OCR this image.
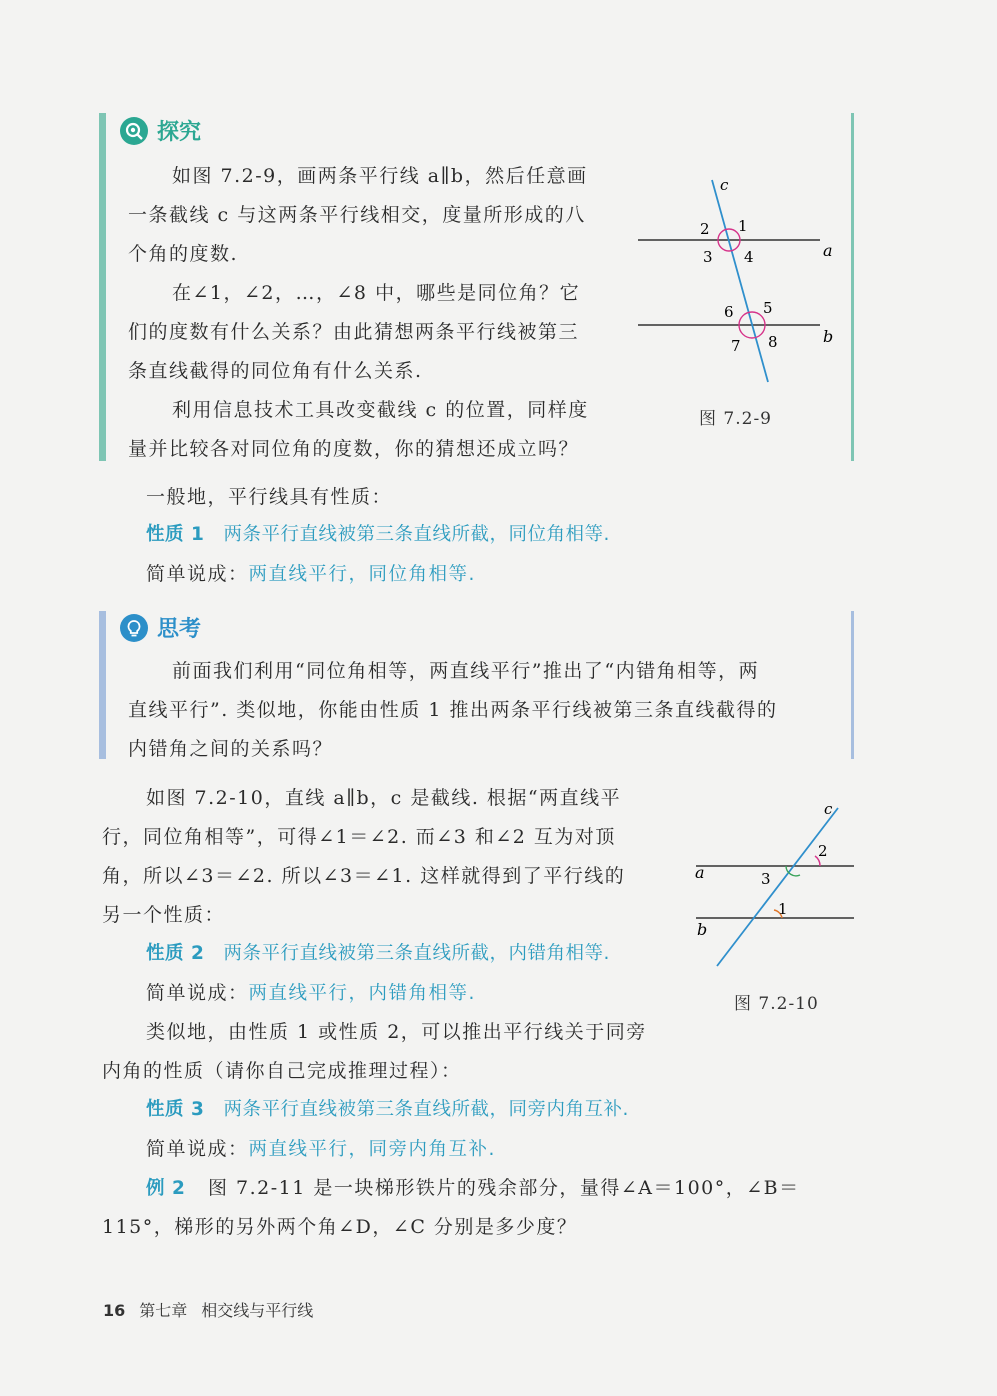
探究
如图 7.2-9，画两条平行线 a∥b，然后任意画
一条截线 c 与这两条平行线相交，度量所形成的八
个角的度数.
在∠1，∠2，…，∠8 中，哪些是同位角？它
们的度数有什么关系？由此猜想两条平行线被第三
条直线截得的同位角有什么关系.
利用信息技术工具改变截线 c 的位置，同样度
量并比较各对同位角的度数，你的猜想还成立吗？
c
a
b
1
2
3 4
5
6
7 8
图 7.2-9
一般地，平行线具有性质：
性质 1 两条平行直线被第三条直线所截，同位角相等.
简单说成：两直线平行，同位角相等.
思考
前面我们利用“同位角相等，两直线平行”推出了“内错角相等，两
直线平行”. 类似地，你能由性质 1 推出两条平行线被第三条直线截得的
内错角之间的关系吗？
如图 7.2-10，直线 a∥b，c 是截线. 根据“两直线平
行，同位角相等”，可得∠1＝∠2. 而∠3 和∠2 互为对顶
角，所以∠3＝∠2. 所以∠3＝∠1. 这样就得到了平行线的
另一个性质：
性质 2 两条平行直线被第三条直线所截，内错角相等.
简单说成：两直线平行，内错角相等.
类似地，由性质 1 或性质 2，可以推出平行线关于同旁
内角的性质（请你自己完成推理过程）：
性质 3 两条平行直线被第三条直线所截，同旁内角互补.
简单说成：两直线平行，同旁内角互补.
例 2 图 7.2-11 是一块梯形铁片的残余部分，量得∠A＝100°，∠B＝
115°，梯形的另外两个角∠D，∠C 分别是多少度？
c
a
b
2
3
1
图 7.2-10
16 第七章 相交线与平行线
